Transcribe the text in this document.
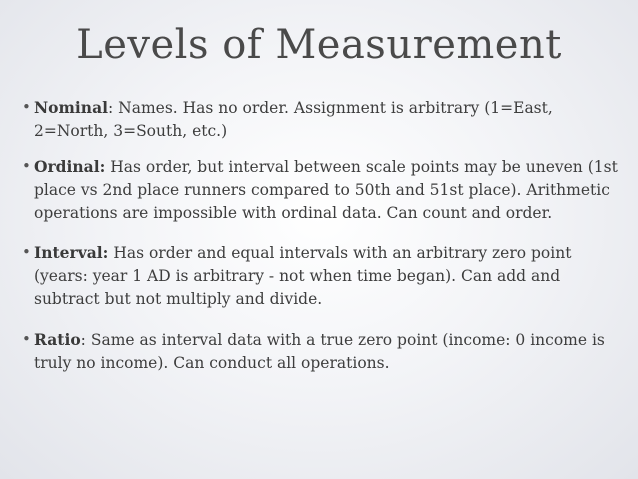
Levels of Measurement
• Nominal: Names. Has no order. Assignment is arbitrary (1=East, 2=North, 3=South, etc.)
• Ordinal: Has order, but interval between scale points may be uneven (1st place vs 2nd place runners compared to 50th and 51st place). Arithmetic operations are impossible with ordinal data. Can count and order.
• Interval: Has order and equal intervals with an arbitrary zero point (years: year 1 AD is arbitrary - not when time began). Can add and subtract but not multiply and divide.
• Ratio: Same as interval data with a true zero point (income: 0 income is truly no income). Can conduct all operations.
